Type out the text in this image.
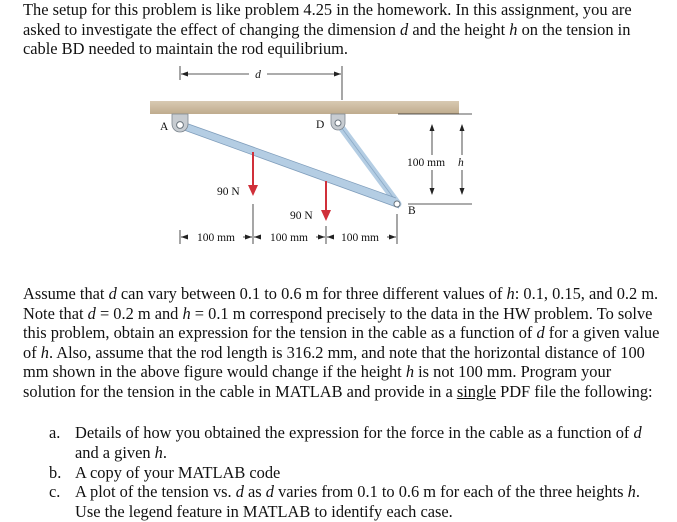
The setup for this problem is like problem 4.25 in the homework. In this assignment, you are asked to investigate the effect of changing the dimension d and the height h on the tension in cable BD needed to maintain the rod equilibrium.

d
A	D
B
100 mm h
90 N
90 N
100 mm	100 mm	100 mm

Assume that d can vary between 0.1 to 0.6 m for three different values of h: 0.1, 0.15, and 0.2 m. Note that d = 0.2 m and h = 0.1 m correspond precisely to the data in the HW problem. To solve this problem, obtain an expression for the tension in the cable as a function of d for a given value of h. Also, assume that the rod length is 316.2 mm, and note that the horizontal distance of 100 mm shown in the above figure would change if the height h is not 100 mm. Program your solution for the tension in the cable in MATLAB and provide in a single PDF file the following:

a. Details of how you obtained the expression for the force in the cable as a function of d and a given h.
b. A copy of your MATLAB code
c. A plot of the tension vs. d as d varies from 0.1 to 0.6 m for each of the three heights h. Use the legend feature in MATLAB to identify each case.
